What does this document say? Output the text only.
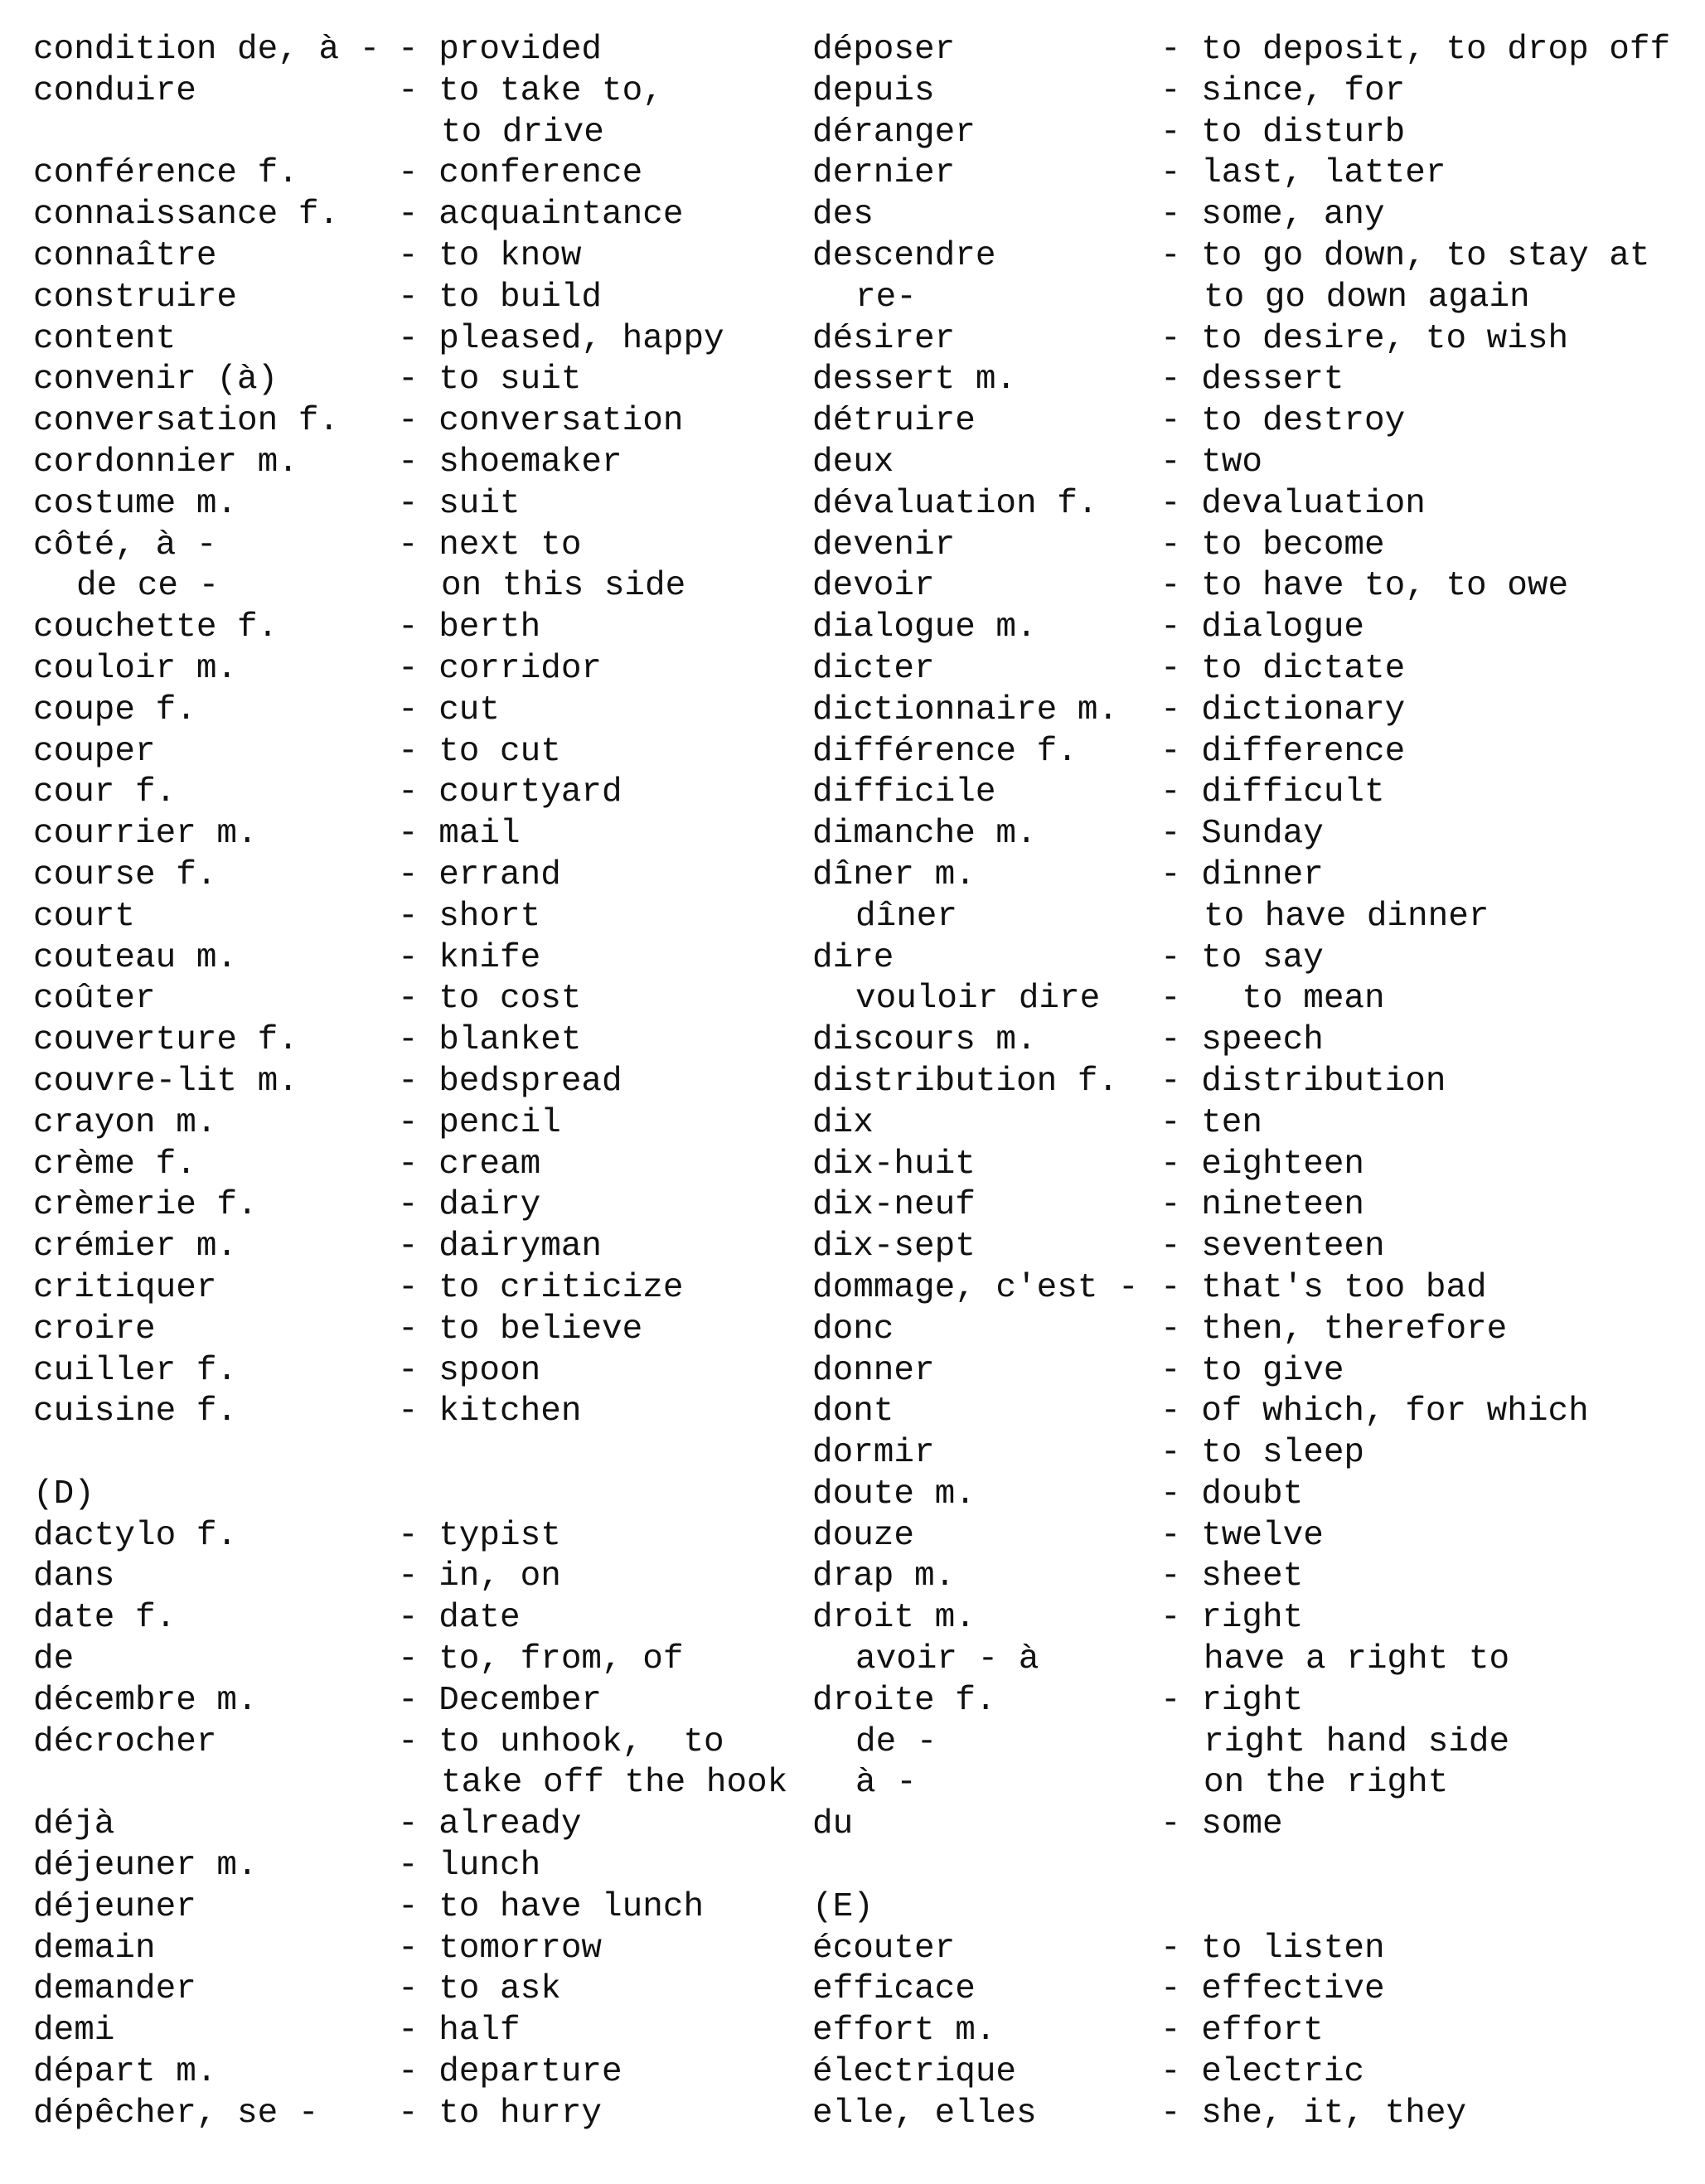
condition de, à - - provided
conduire	- to take to,
to drive
conférence f.	- conference
connaissance f. - acquaintance
connaître	- to know
construire	- to build
content	- pleased, happy
convenir (à)	- to suit
conversation f. - conversation
cordonnier m.	- shoemaker
costume m.	- suit
côté, à -	- next to
de ce -	on this side
couchette f.	- berth
couloir m.	- corridor
coupe f.	- cut
couper	- to cut
cour f.	- courtyard
courrier m.	- mail
course f.	- errand
court	- short
couteau m.	- knife
coûter	- to cost
couverture f.	- blanket
couvre-lit m.	- bedspread
crayon m.	- pencil
crème f.	- cream
crèmerie f.	- dairy
crémier m.	- dairyman
critiquer	- to criticize
croire	- to believe
cuiller f.	- spoon
cuisine f.	- kitchen
(D)
dactylo f.	- typist
dans	- in, on
date f.	- date
de	- to, from, of
décembre m.	- December
décrocher	- to unhook,  to
take off the hook
déjà	- already
déjeuner m.	- lunch
déjeuner	- to have lunch
demain	- tomorrow
demander	- to ask
demi	- half
départ m.	- departure
dépêcher, se - - to hurry
déposer	- to deposit, to drop off
depuis	- since, for
déranger	- to disturb
dernier	- last, latter
des	- some, any
descendre	- to go down, to stay at
re-	to go down again
désirer	- to desire, to wish
dessert m.	- dessert
détruire	- to destroy
deux	- two
dévaluation f. - devaluation
devenir	- to become
devoir	- to have to, to owe
dialogue m.	- dialogue
dicter	- to dictate
dictionnaire m. - dictionary
différence f. - difference
difficile	- difficult
dimanche m.	- Sunday
dîner m.	- dinner
dîner	to have dinner
dire	- to say
vouloir dire -   to mean
discours m.	- speech
distribution f. - distribution
dix	- ten
dix-huit	- eighteen
dix-neuf	- nineteen
dix-sept	- seventeen
dommage, c'est - - that's too bad
donc	- then, therefore
donner	- to give
dont	- of which, for which
dormir	- to sleep
doute m.	- doubt
douze	- twelve
drap m.	- sheet
droit m.	- right
avoir - à	have a right to
droite f.	- right
de -	right hand side
à -	on the right
du	- some
(E)
écouter	- to listen
efficace	- effective
effort m.	- effort
électrique	- electric
elle, elles	- she, it, they
